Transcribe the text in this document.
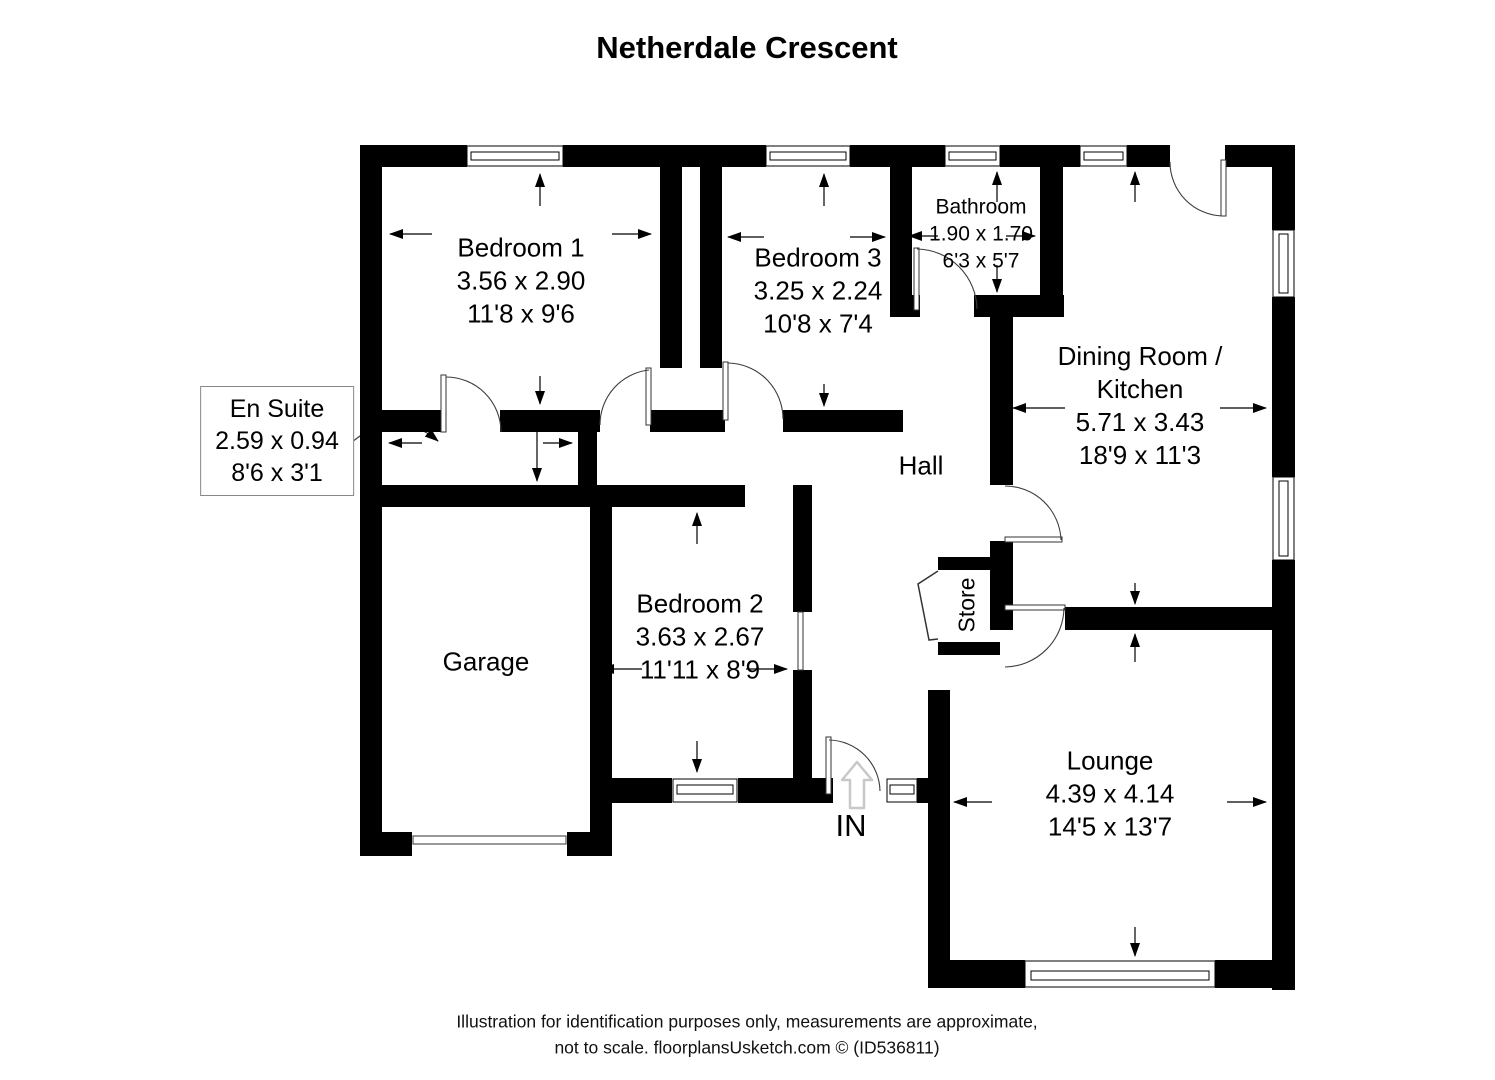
Netherdale Crescent
Bedroom 1
3.56 x 2.90
11'8 x 9'6
Bedroom 3
3.25 x 2.24
10'8 x 7'4
Bathroom
1.90 x 1.70
6'3 x 5'7
Dining Room /
Kitchen
5.71 x 3.43
18'9 x 11'3
En Suite
2.59 x 0.94
8'6 x 3'1	Hall
Bedroom 2
3.63 x 2.67
11'11 x 8'9
Garage
Store
Lounge
4.39 x 4.14
14'5 x 13'7
IN
Illustration for identification purposes only, measurements are approximate,
not to scale. floorplansUsketch.com © (ID536811)
